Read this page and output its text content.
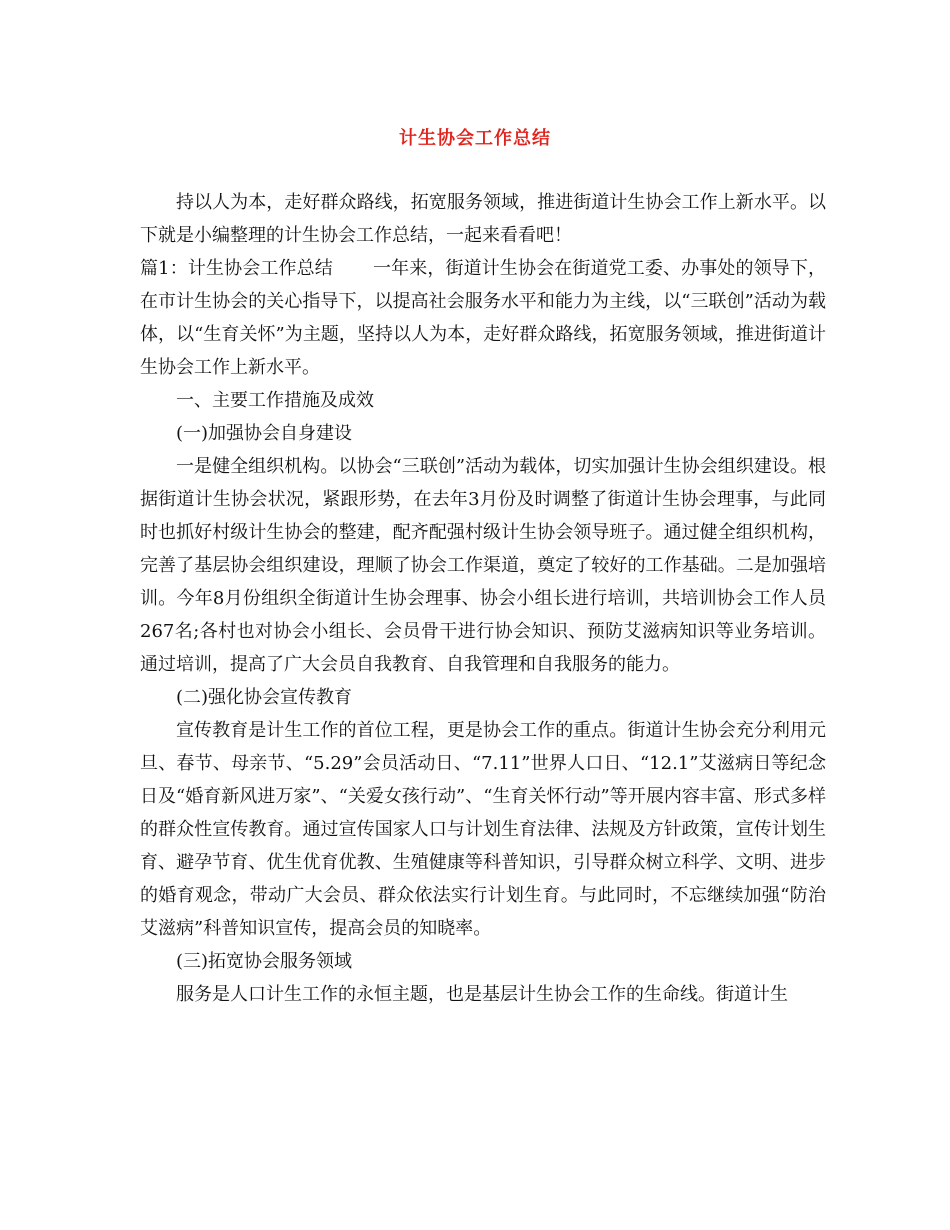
计生协会工作总结

持以人为本，走好群众路线，拓宽服务领域，推进街道计生协会工作上新水平。以下就是小编整理的计生协会工作总结，一起来看看吧！

篇1：计生协会工作总结 一年来，街道计生协会在街道党工委、办事处的领导下，在市计生协会的关心指导下，以提高社会服务水平和能力为主线，以“三联创”活动为载体，以“生育关怀”为主题，坚持以人为本，走好群众路线，拓宽服务领域，推进街道计生协会工作上新水平。

一、主要工作措施及成效

(一)加强协会自身建设

一是健全组织机构。以协会“三联创”活动为载体，切实加强计生协会组织建设。根据街道计生协会状况，紧跟形势，在去年3月份及时调整了街道计生协会理事，与此同时也抓好村级计生协会的整建，配齐配强村级计生协会领导班子。通过健全组织机构，完善了基层协会组织建设，理顺了协会工作渠道，奠定了较好的工作基础。二是加强培训。今年8月份组织全街道计生协会理事、协会小组长进行培训，共培训协会工作人员267名;各村也对协会小组长、会员骨干进行协会知识、预防艾滋病知识等业务培训。通过培训，提高了广大会员自我教育、自我管理和自我服务的能力。

(二)强化协会宣传教育

宣传教育是计生工作的首位工程，更是协会工作的重点。街道计生协会充分利用元旦、春节、母亲节、“5.29”会员活动日、“7.11”世界人口日、“12.1”艾滋病日等纪念日及“婚育新风进万家”、“关爱女孩行动”、“生育关怀行动”等开展内容丰富、形式多样的群众性宣传教育。通过宣传国家人口与计划生育法律、法规及方针政策，宣传计划生育、避孕节育、优生优育优教、生殖健康等科普知识，引导群众树立科学、文明、进步的婚育观念，带动广大会员、群众依法实行计划生育。与此同时，不忘继续加强“防治艾滋病”科普知识宣传，提高会员的知晓率。

(三)拓宽协会服务领域

服务是人口计生工作的永恒主题，也是基层计生协会工作的生命线。街道计生
